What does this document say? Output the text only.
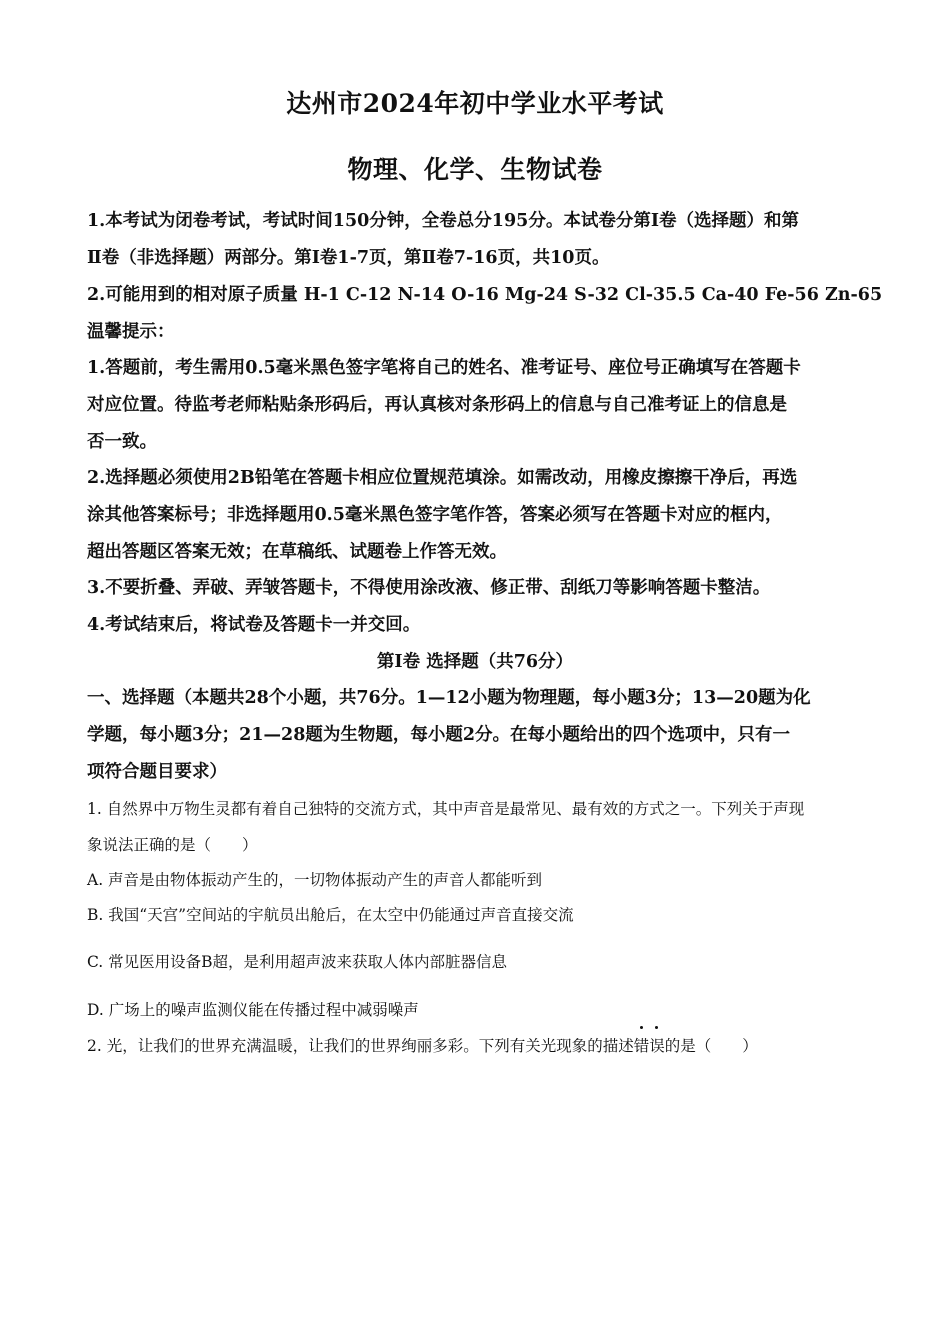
达州市2024年初中学业水平考试
物理、化学、生物试卷
1.本考试为闭卷考试，考试时间150分钟，全卷总分195分。本试卷分第Ⅰ卷（选择题）和第
Ⅱ卷（非选择题）两部分。第Ⅰ卷1-7页，第Ⅱ卷7-16页，共10页。
2.可能用到的相对原子质量 H-1 C-12 N-14 O-16 Mg-24 S-32 Cl-35.5 Ca-40 Fe-56 Zn-65
温馨提示：
1.答题前，考生需用0.5毫米黑色签字笔将自己的姓名、准考证号、座位号正确填写在答题卡
对应位置。待监考老师粘贴条形码后，再认真核对条形码上的信息与自己准考证上的信息是
否一致。
2.选择题必须使用2B铅笔在答题卡相应位置规范填涂。如需改动，用橡皮擦擦干净后，再选
涂其他答案标号；非选择题用0.5毫米黑色签字笔作答，答案必须写在答题卡对应的框内，
超出答题区答案无效；在草稿纸、试题卷上作答无效。
3.不要折叠、弄破、弄皱答题卡，不得使用涂改液、修正带、刮纸刀等影响答题卡整洁。
4.考试结束后，将试卷及答题卡一并交回。
第Ⅰ卷 选择题（共76分）
一、选择题（本题共28个小题，共76分。1—12小题为物理题，每小题3分；13—20题为化
学题，每小题3分；21—28题为生物题，每小题2分。在每小题给出的四个选项中，只有一
项符合题目要求）
1. 自然界中万物生灵都有着自己独特的交流方式，其中声音是最常见、最有效的方式之一。下列关于声现
象说法正确的是（　　）
A. 声音是由物体振动产生的，一切物体振动产生的声音人都能听到
B. 我国“天宫”空间站的宇航员出舱后，在太空中仍能通过声音直接交流
C. 常见医用设备B超，是利用超声波来获取人体内部脏器信息
D. 广场上的噪声监测仪能在传播过程中减弱噪声
2. 光，让我们的世界充满温暖，让我们的世界绚丽多彩。下列有关光现象的描述错误的是（　　）
